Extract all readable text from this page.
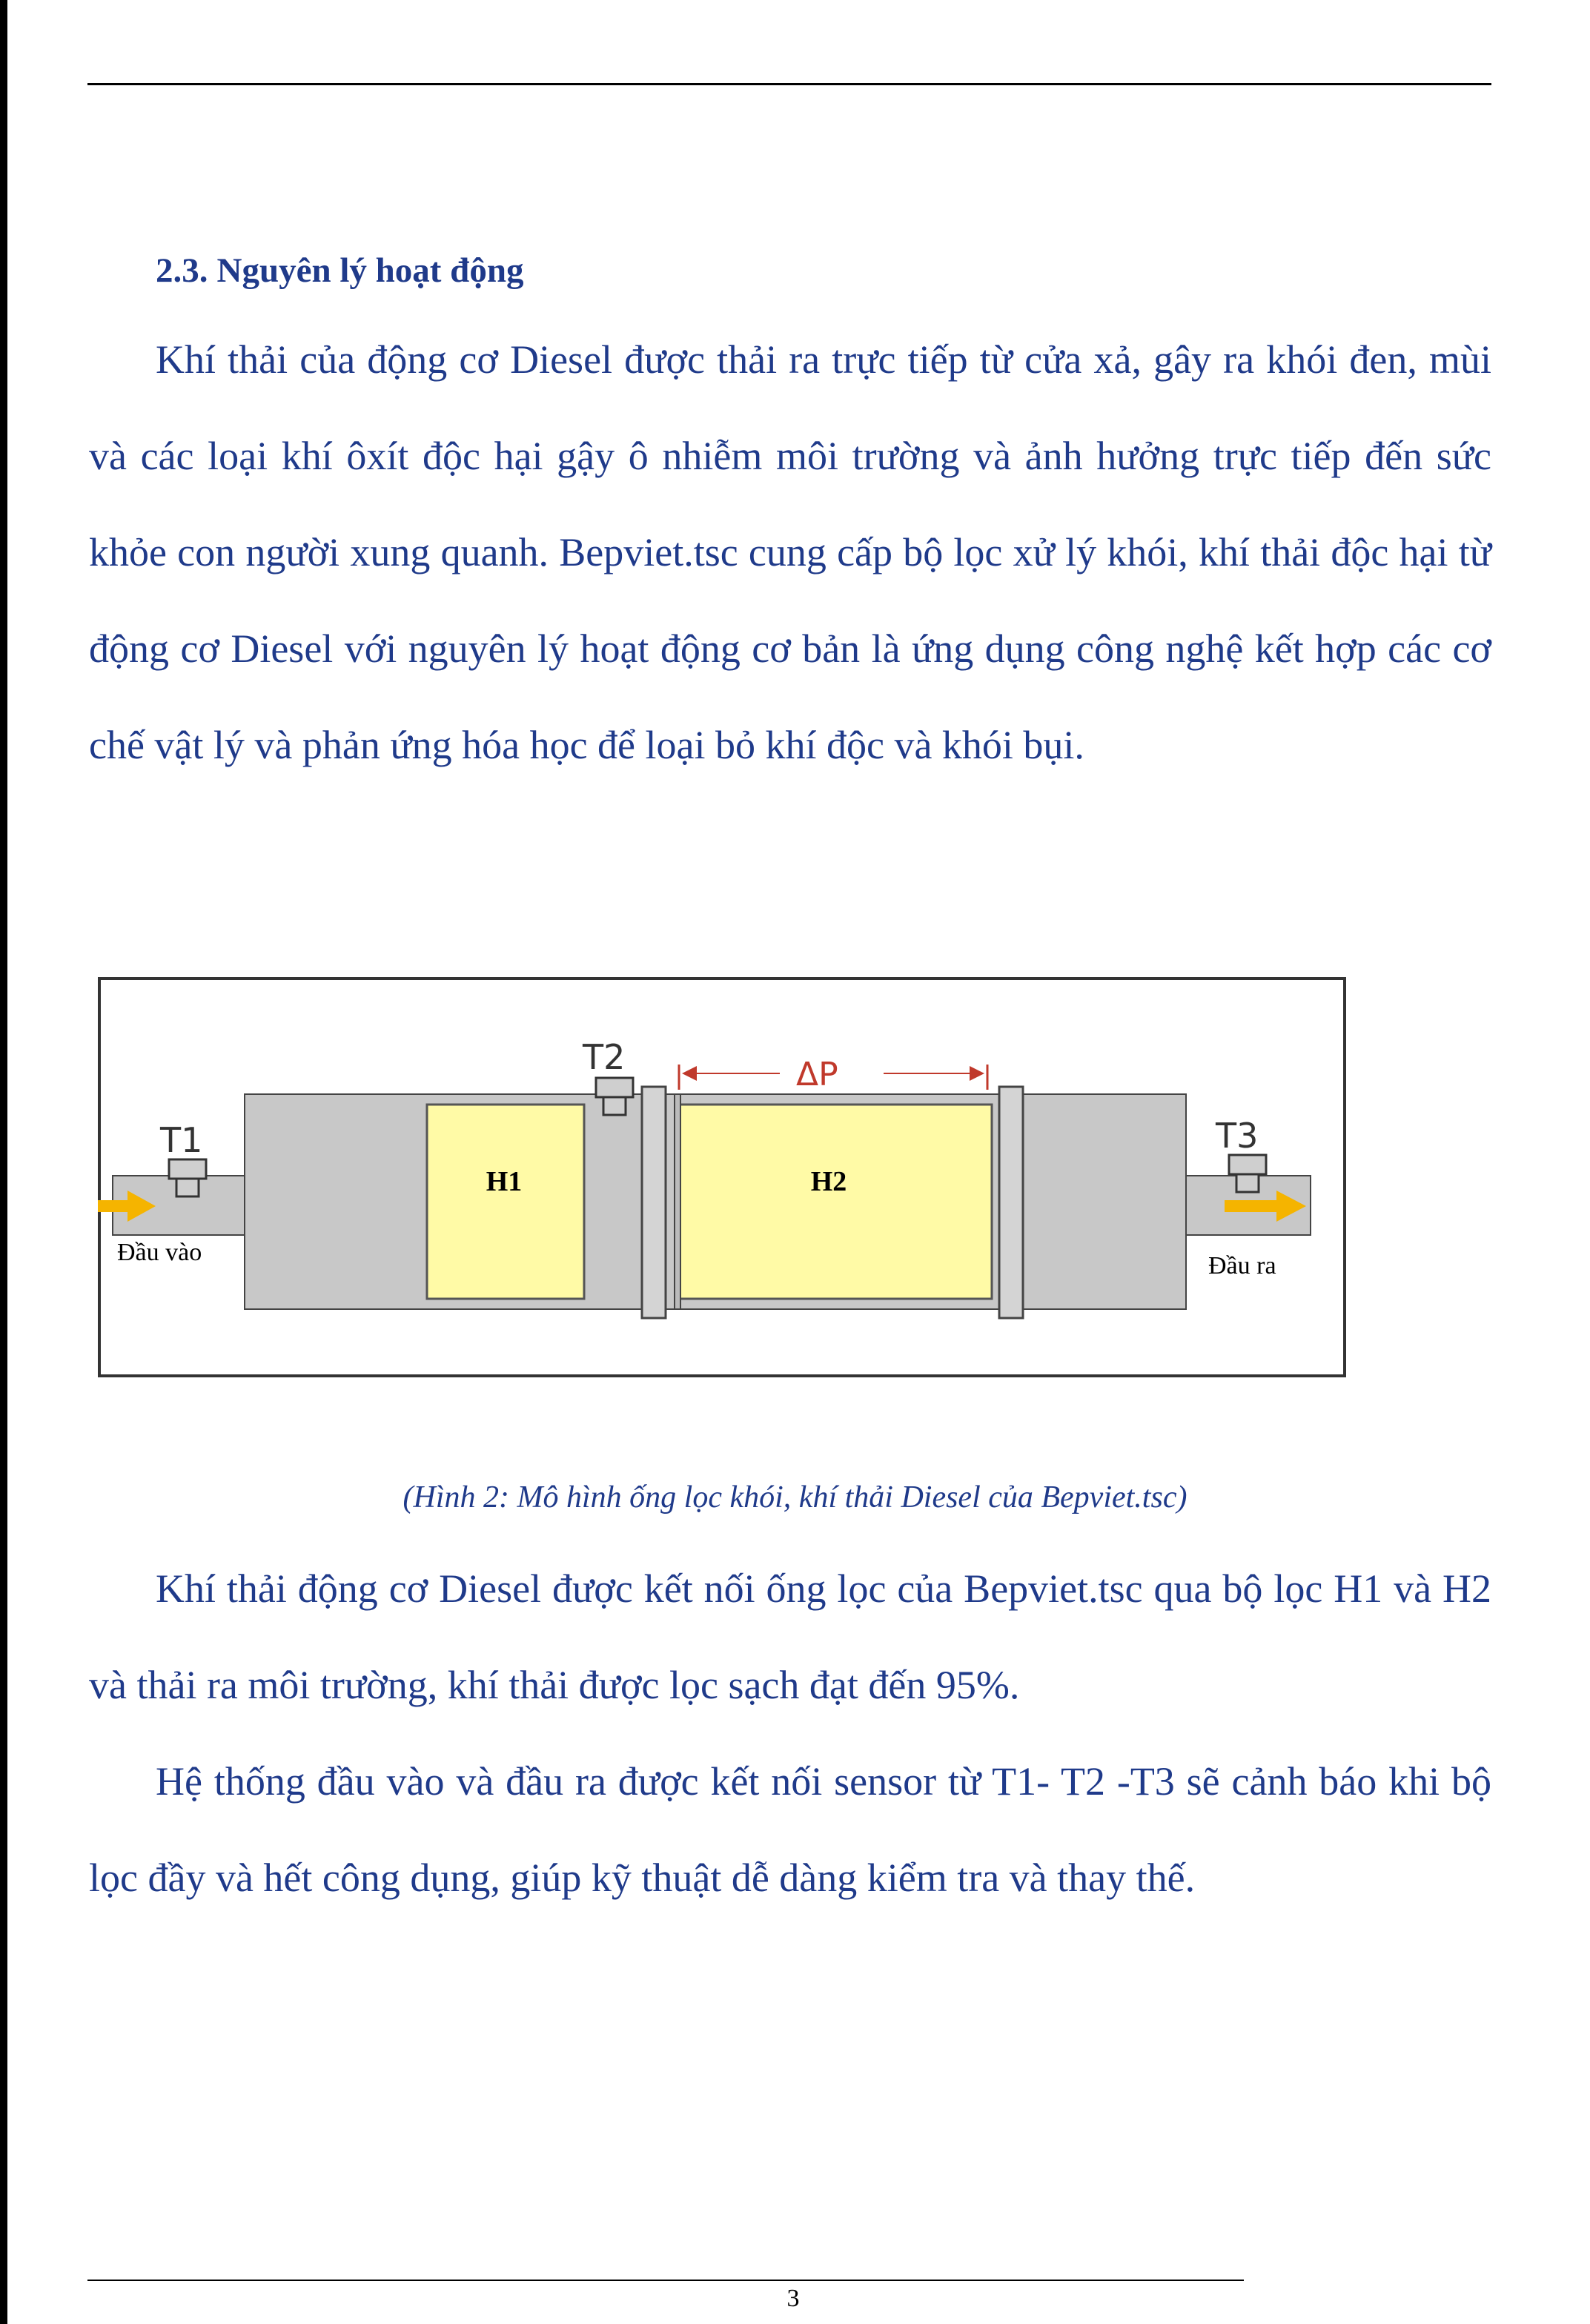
2.3. Nguyên lý hoạt động

Khí thải của động cơ Diesel được thải ra trực tiếp từ cửa xả, gây ra khói đen, mùi và các loại khí ôxít độc hại gậy ô nhiễm môi trường và ảnh hưởng trực tiếp đến sức khỏe con người xung quanh. Bepviet.tsc cung cấp bộ lọc xử lý khói, khí thải độc hại từ động cơ Diesel với nguyên lý hoạt động cơ bản là ứng dụng công nghệ kết hợp các cơ chế vật lý và phản ứng hóa học để loại bỏ khí độc và khói bụi.

T1
T2
T3
ΔP
H1	H2
Đầu vào	Đầu ra

(Hình 2: Mô hình ống lọc khói, khí thải Diesel của Bepviet.tsc)

Khí thải động cơ Diesel được kết nối ống lọc của Bepviet.tsc qua bộ lọc H1 và H2 và thải ra môi trường, khí thải được lọc sạch đạt đến 95%.

Hệ thống đầu vào và đầu ra được kết nối sensor từ T1- T2 -T3 sẽ cảnh báo khi bộ lọc đầy và hết công dụng, giúp kỹ thuật dễ dàng kiểm tra và thay thế.

3
